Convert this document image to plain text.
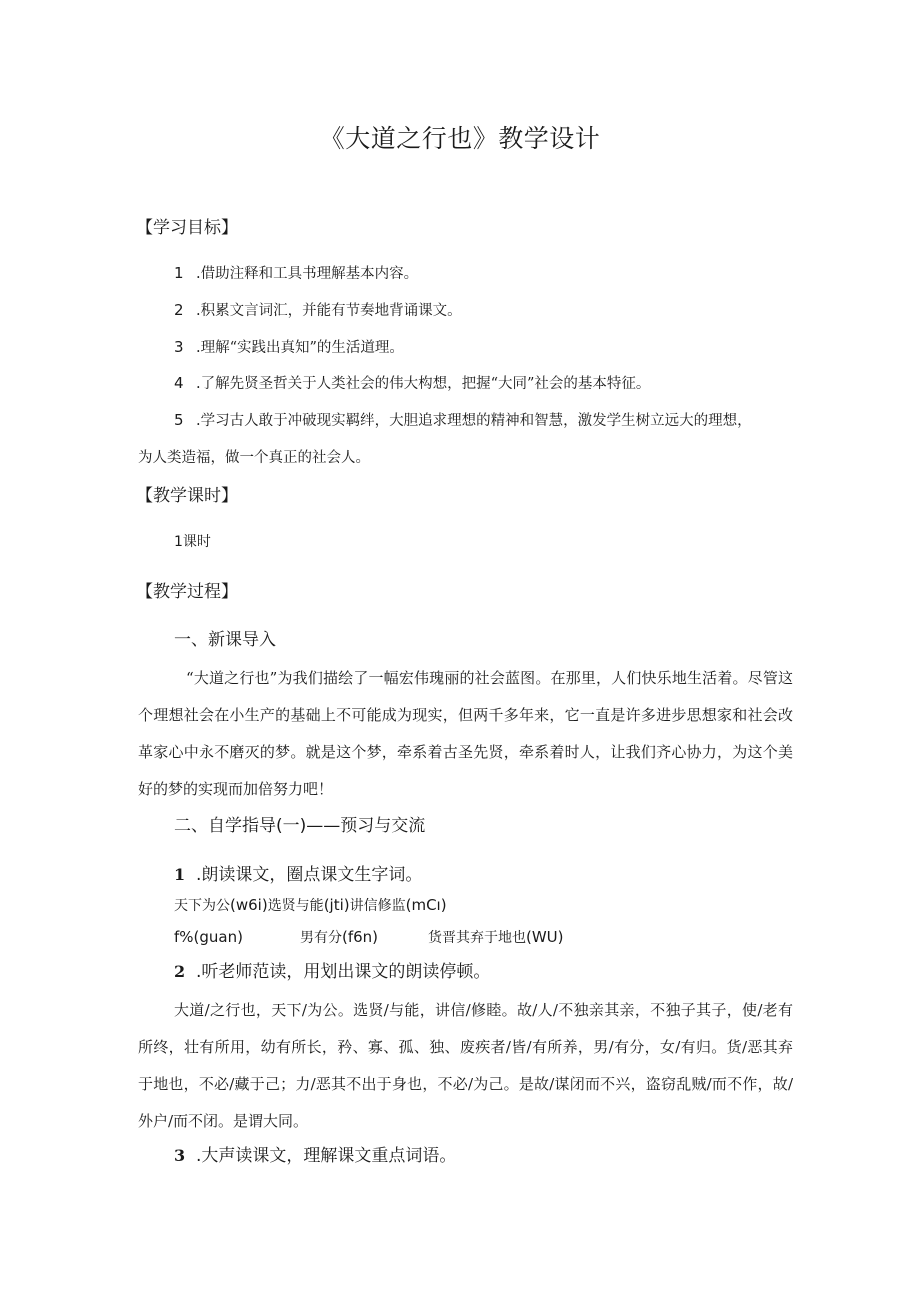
《大道之行也》教学设计
【学习目标】
1 .借助注释和工具书理解基本内容。
2 .积累文言词汇，并能有节奏地背诵课文。
3 .理解“实践出真知”的生活道理。
4 .了解先贤圣哲关于人类社会的伟大构想，把握“大同”社会的基本特征。
5 .学习古人敢于冲破现实羁绊，大胆追求理想的精神和智慧，激发学生树立远大的理想，
为人类造福，做一个真正的社会人。
【教学课时】
1课时
【教学过程】
一、新课导入
“大道之行也”为我们描绘了一幅宏伟瑰丽的社会蓝图。在那里，人们快乐地生活着。尽管这个理想社会在小生产的基础上不可能成为现实，但两千多年来，它一直是许多进步思想家和社会改革家心中永不磨灭的梦。就是这个梦，牵系着古圣先贤，牵系着时人，让我们齐心协力，为这个美好的梦的实现而加倍努力吧！
二、自学指导(一)——预习与交流
1 .朗读课文，圈点课文生字词。
天下为公(w6i)选贤与能(jti)讲信修监(mCı)
f%(guan)	男有分(f6n)	货晋其弃于地也(WU)
2 .听老师范读，用划出课文的朗读停顿。
大道/之行也，天下/为公。选贤/与能，讲信/修睦。故/人/不独亲其亲，不独子其子，使/老有所终，壮有所用，幼有所长，矜、寡、孤、独、废疾者/皆/有所养，男/有分，女/有归。货/恶其弃于地也，不必/藏于己；力/恶其不出于身也，不必/为己。是故/谋闭而不兴，盗窃乱贼/而不作，故/外户/而不闭。是谓大同。
3 .大声读课文，理解课文重点词语。
